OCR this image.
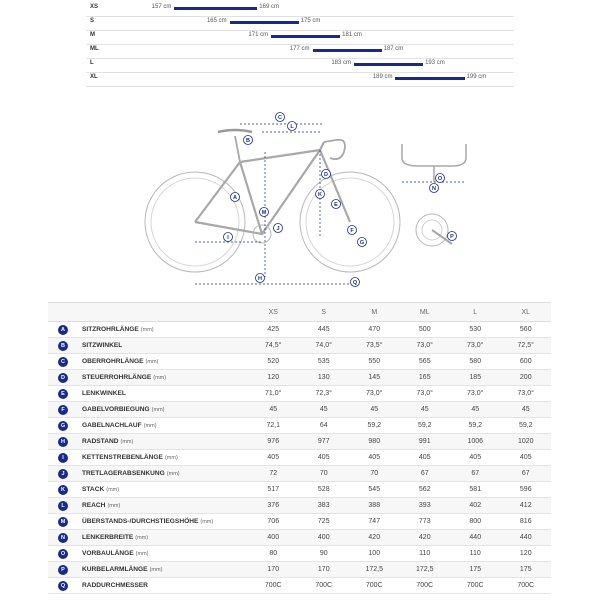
XS	157 cm	169 cm
S	165 cm	175 cm
M	171 cm	181 cm
ML	177 cm	187 cm
L	183 cm	193 cm
XL	189 cm	199 cm
A
B
C
D
E
F
G
H
I
J
K
L
M
N
O
P
Q
		XS	S	M	ML	L	XL
A	SITZROHRLÄNGE (mm)	425	445	470	500	530	560
B	SITZWINKEL	74,5°	74,0°	73,5°	73,0°	73,0°	72,5°
C	OBERROHRLÄNGE (mm)	520	535	550	565	580	600
D	STEUERROHRLÄNGE (mm)	120	130	145	165	185	200
E	LENKWINKEL	71,0°	72,3°	73,0°	73,0°	73,0°	73,0°
F	GABELVORBIEGUNG (mm)	45	45	45	45	45	45
G	GABELNACHLAUF (mm)	72,1	64	59,2	59,2	59,2	59,2
H	RADSTAND (mm)	976	977	980	991	1006	1020
I	KETTENSTREBENLÄNGE (mm)	405	405	405	405	405	405
J	TRETLAGERABSENKUNG (mm)	72	70	70	67	67	67
K	STACK (mm)	517	528	545	562	581	596
L	REACH (mm)	376	383	388	393	402	412
M	ÜBERSTANDS-/DURCHSTIEGSHÖHE (mm)	706	725	747	773	800	816
N	LENKERBREITE (mm)	400	400	420	420	440	440
O	VORBAULÄNGE (mm)	80	90	100	110	110	120
P	KURBELARMLÄNGE (mm)	170	170	172,5	172,5	175	175
Q	RADDURCHMESSER	700C	700C	700C	700C	700C	700C
